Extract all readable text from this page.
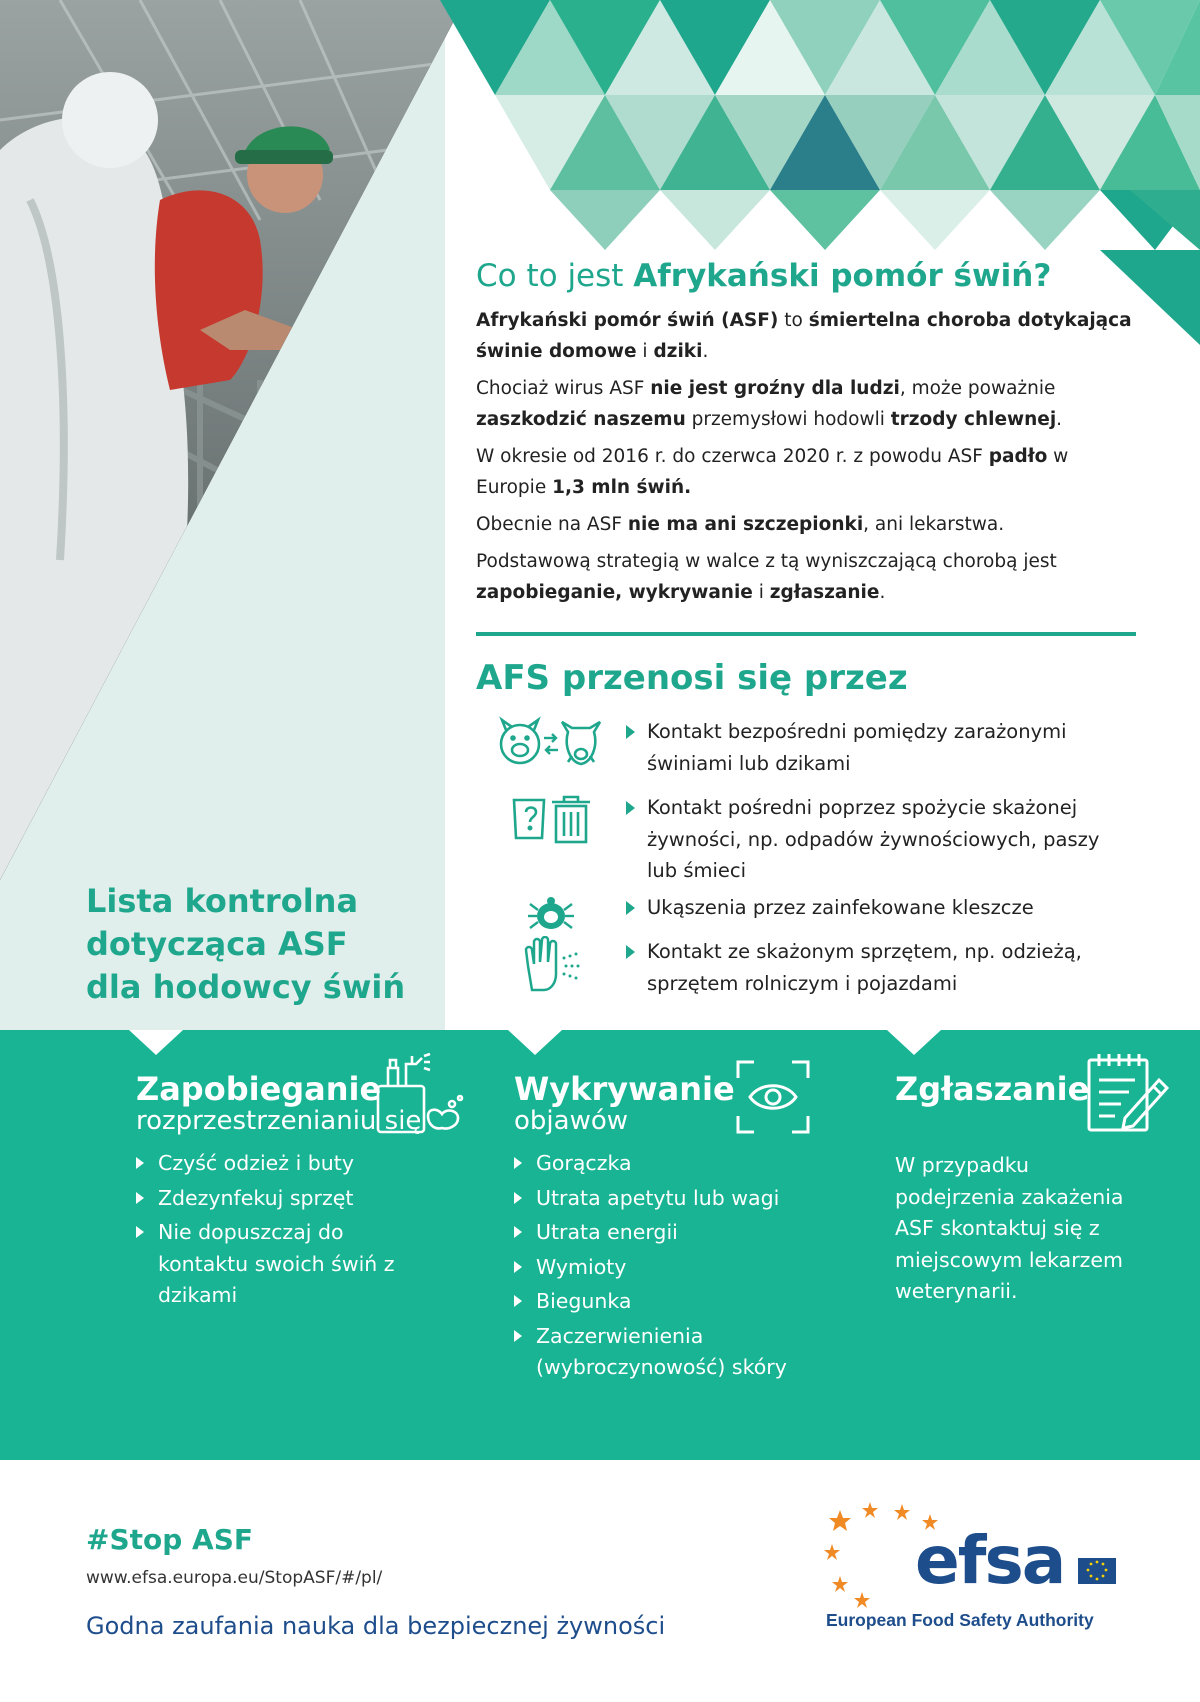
Co to jest Afrykański pomór świń?

Afrykański pomór świń (ASF) to śmiertelna choroba dotykająca świnie domowe i dziki.

Chociaż wirus ASF nie jest groźny dla ludzi, może poważnie zaszkodzić naszemu przemysłowi hodowli trzody chlewnej.

W okresie od 2016 r. do czerwca 2020 r. z powodu ASF padło w Europie 1,3 mln świń.

Obecnie na ASF nie ma ani szczepionki, ani lekarstwa.

Podstawową strategią w walce z tą wyniszczającą chorobą jest zapobieganie, wykrywanie i zgłaszanie.

AFS przenosi się przez
Kontakt bezpośredni pomiędzy zarażonymi świniami lub dzikami
Kontakt pośredni poprzez spożycie skażonej żywności, np. odpadów żywnościowych, paszy lub śmieci
Ukąszenia przez zainfekowane kleszcze
Kontakt ze skażonym sprzętem, np. odzieżą, sprzętem rolniczym i pojazdami
Lista kontrolna
dotycząca ASF
dla hodowcy świń
Zapobieganie
rozprzestrzenianiu się
Czyść odzież i buty
Zdezynfekuj sprzęt
Nie dopuszczaj do kontaktu swoich świń z dzikami
Wykrywanie
objawów
Gorączka
Utrata apetytu lub wagi
Utrata energii
Wymioty
Biegunka
Zaczerwienienia (wybroczynowość) skóry
Zgłaszanie
W przypadku podejrzenia zakażenia ASF skontaktuj się z miejscowym lekarzem weterynarii.
#Stop ASF
www.efsa.europa.eu/StopASF/#/pl/
Godna zaufania nauka dla bezpiecznej żywności
efsa
European Food Safety Authority
